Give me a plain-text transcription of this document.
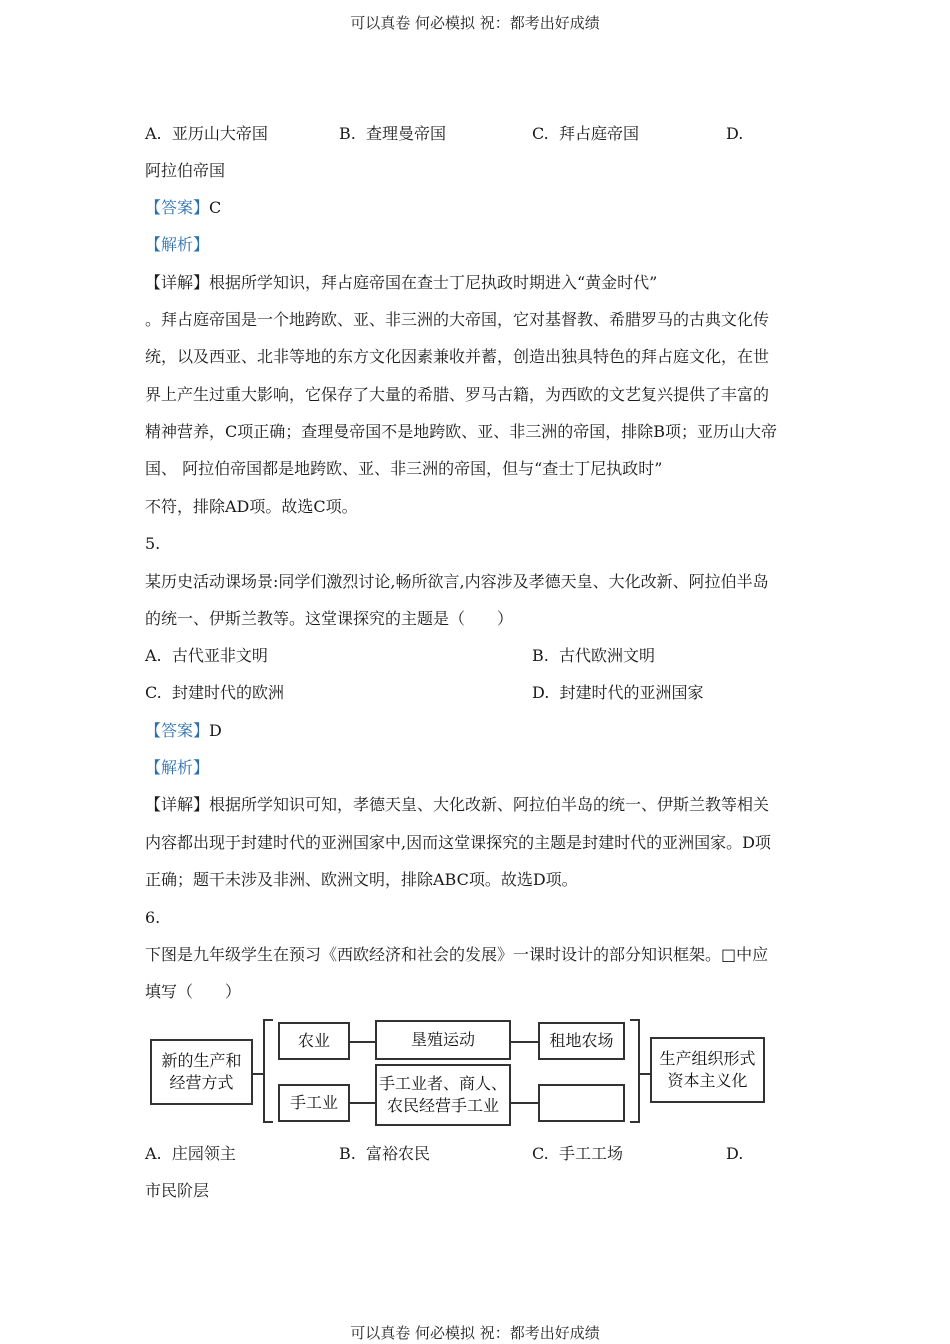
可以真卷 何必模拟 祝：都考出好成绩
A. 亚历山大帝国	B. 查理曼帝国	C. 拜占庭帝国	D.
阿拉伯帝国
【答案】C
【解析】
【详解】根据所学知识，拜占庭帝国在查士丁尼执政时期进入“黄金时代”
。拜占庭帝国是一个地跨欧、亚、非三洲的大帝国，它对基督教、希腊罗马的古典文化传
统，以及西亚、北非等地的东方文化因素兼收并蓄，创造出独具特色的拜占庭文化，在世
界上产生过重大影响，它保存了大量的希腊、罗马古籍，为西欧的文艺复兴提供了丰富的
精神营养，C项正确；查理曼帝国不是地跨欧、亚、非三洲的帝国，排除B项；亚历山大帝
国、 阿拉伯帝国都是地跨欧、亚、非三洲的帝国，但与“查士丁尼执政时”
不符，排除AD项。故选C项。
5.
某历史活动课场景:同学们激烈讨论,畅所欲言,内容涉及孝德天皇、大化改新、阿拉伯半岛
的统一、伊斯兰教等。这堂课探究的主题是（　　）
A. 古代亚非文明	B. 古代欧洲文明
C. 封建时代的欧洲	D. 封建时代的亚洲国家
【答案】D
【解析】
【详解】根据所学知识可知，孝德天皇、大化改新、阿拉伯半岛的统一、伊斯兰教等相关
内容都出现于封建时代的亚洲国家中,因而这堂课探究的主题是封建时代的亚洲国家。D项
正确；题干未涉及非洲、欧洲文明，排除ABC项。故选D项。
6.
下图是九年级学生在预习《西欧经济和社会的发展》一课时设计的部分知识框架。□中应
填写（　　）
新的生产和
经营方式
农业	垦殖运动	租地农场
手工业
手工业者、商人、
农民经营手工业
生产组织形式
资本主义化
A. 庄园领主	B. 富裕农民	C. 手工工场	D.
市民阶层
可以真卷 何必模拟 祝：都考出好成绩
